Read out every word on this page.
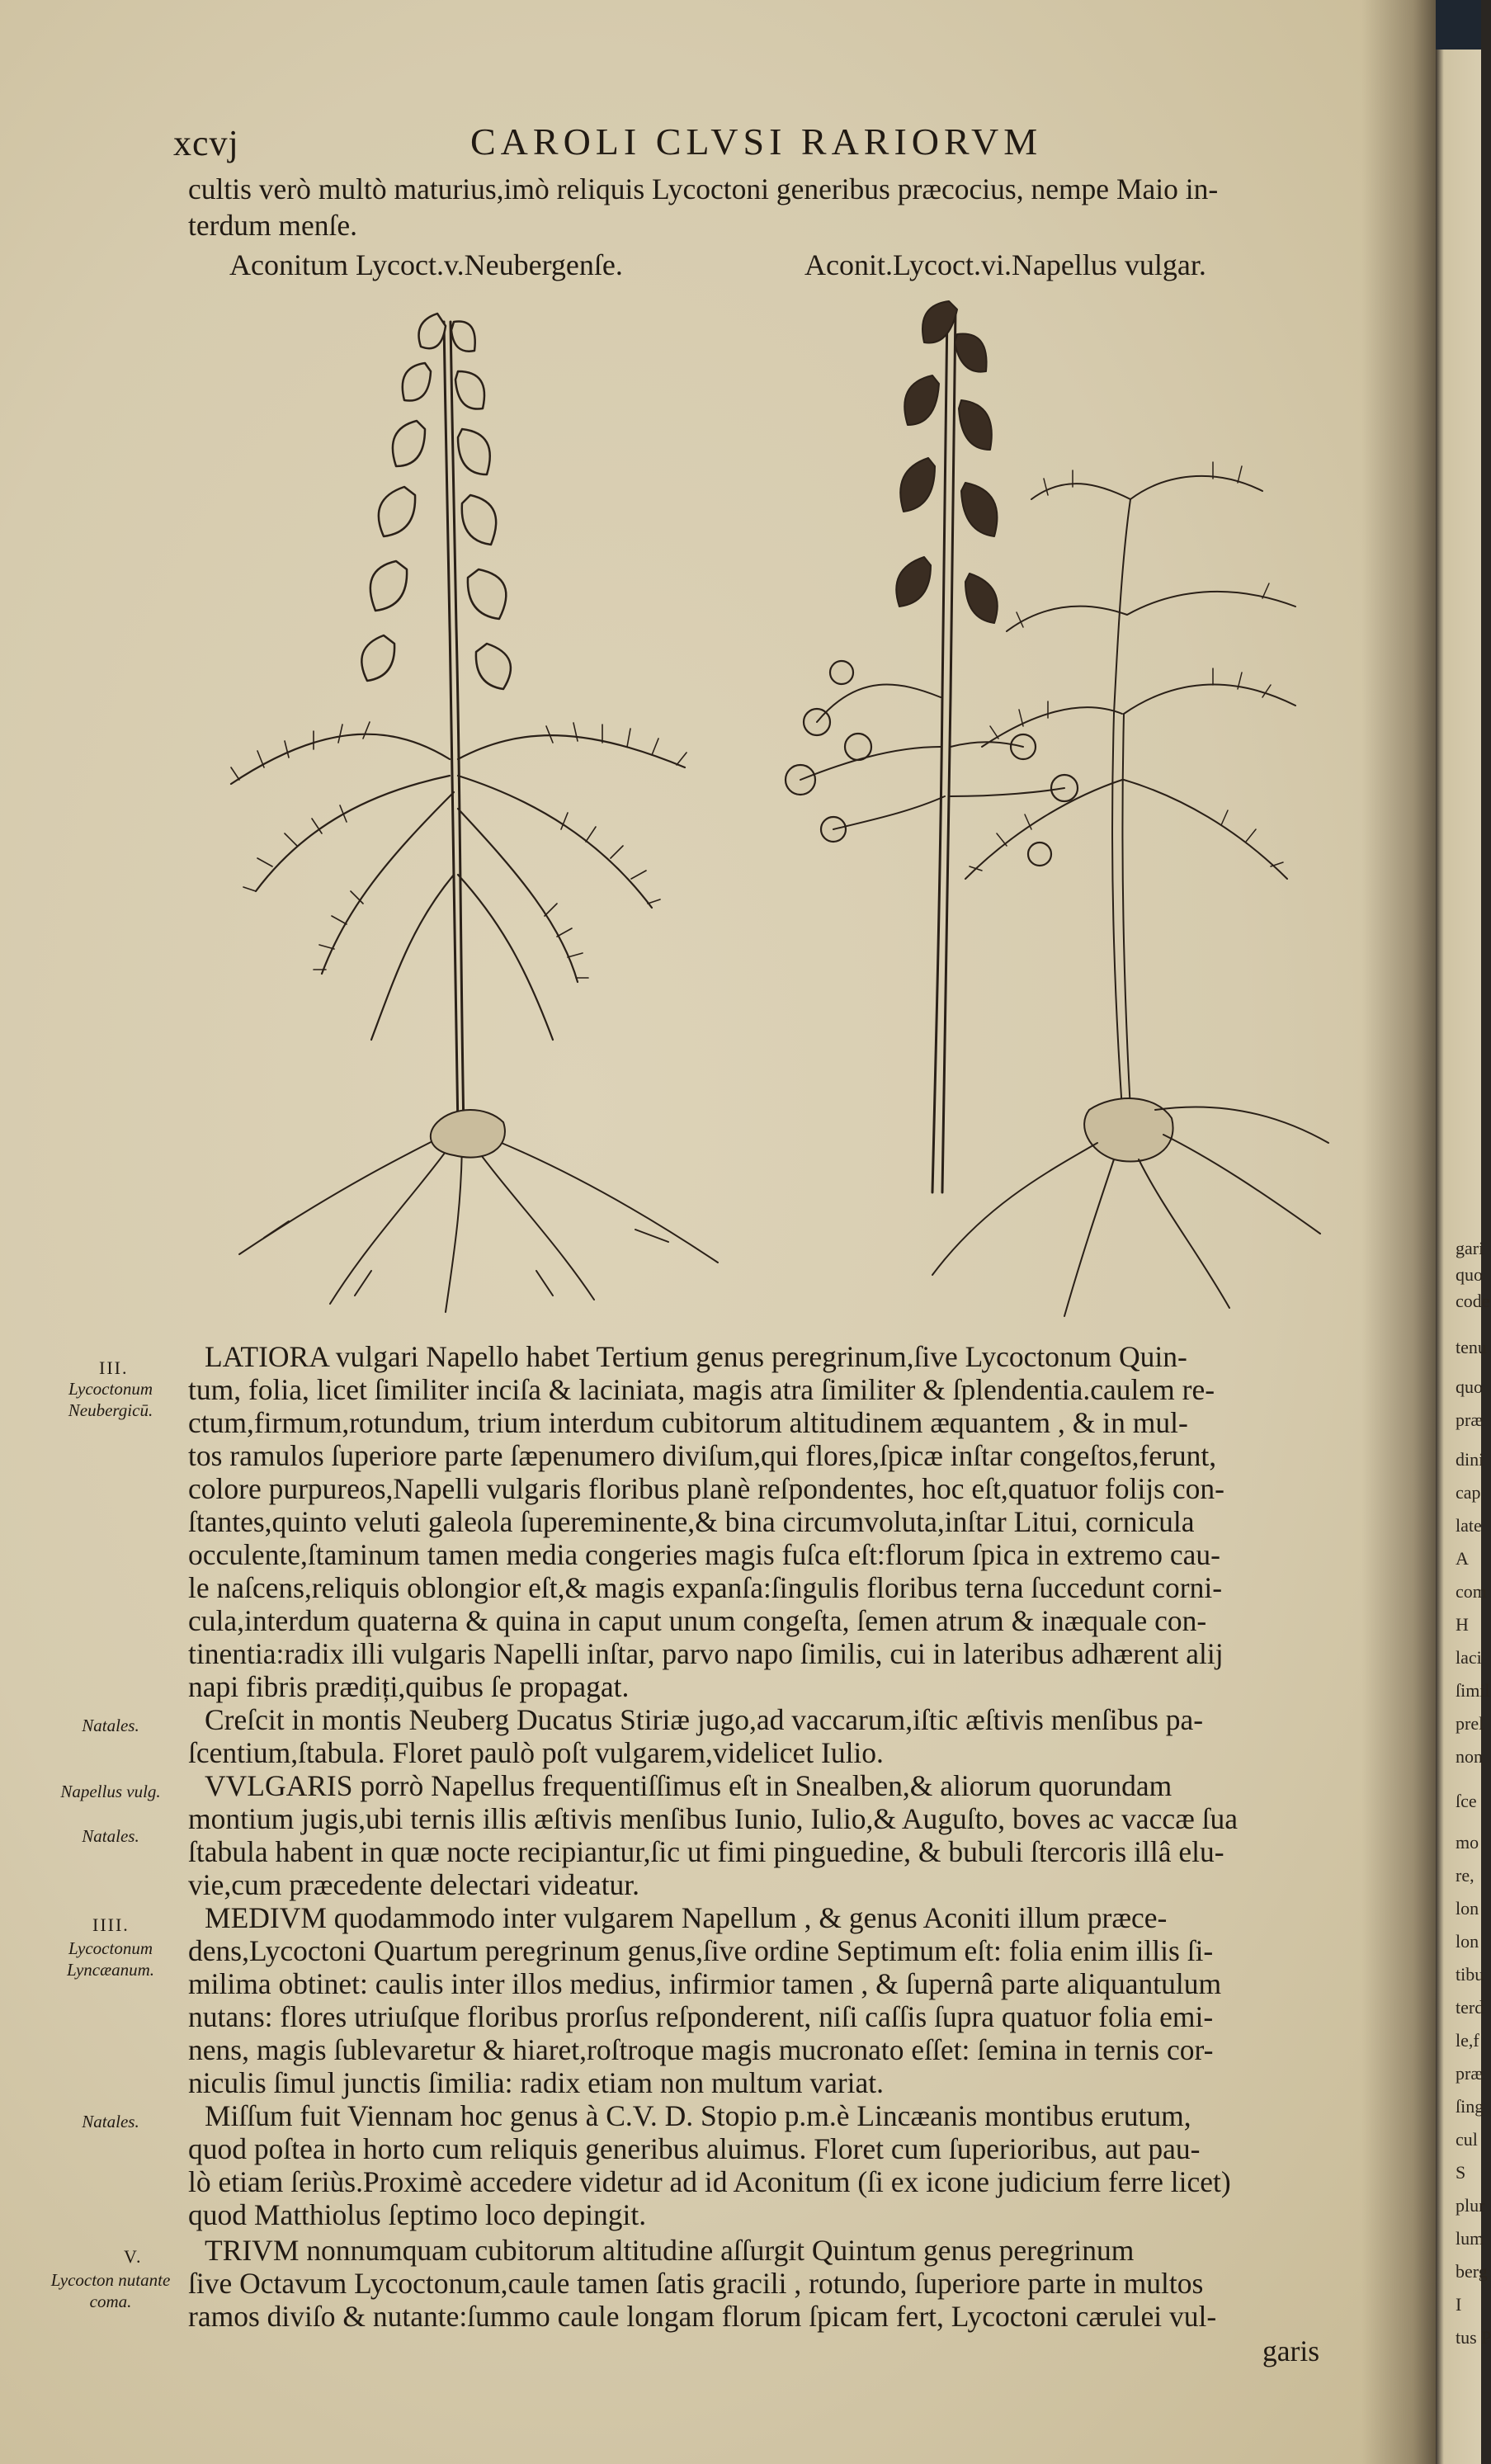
xcvj	CAROLI CLVSI RARIORVM
cultis verò multò maturius,imò reliquis Lycoctoni generibus præcocius, nempe Maio in-
terdum menſe.
Aconitum Lycoct.v.Neubergenſe.	Aconit.Lycoct.vi.Napellus vulgar.
LATIORA vulgari Napello habet Tertium genus peregrinum,ſive Lycoctonum Quin-
tum, folia, licet ſimiliter inciſa & laciniata, magis atra ſimiliter & ſplendentia.caulem re-
ctum,firmum,rotundum, trium interdum cubitorum altitudinem æquantem , & in mul-
tos ramulos ſuperiore parte ſæpenumero diviſum,qui flores,ſpicæ inſtar congeſtos,ferunt,
colore purpureos,Napelli vulgaris floribus planè reſpondentes, hoc eſt,quatuor folijs con-
ſtantes,quinto veluti galeola ſupereminente,& bina circumvoluta,inſtar Litui, cornicula
occulente,ſtaminum tamen media congeries magis fuſca eſt:florum ſpica in extremo cau-
le naſcens,reliquis oblongior eſt,& magis expanſa:ſingulis floribus terna ſuccedunt corni-
cula,interdum quaterna & quina in caput unum congeſta, ſemen atrum & inæquale con-
tinentia:radix illi vulgaris Napelli inſtar, parvo napo ſimilis, cui in lateribus adhærent alij
napi fibris prædiți,quibus ſe propagat.
Creſcit in montis Neuberg Ducatus Stiriæ jugo,ad vaccarum,iſtic æſtivis menſibus pa-
ſcentium,ſtabula. Floret paulò poſt vulgarem,videlicet Iulio.
VVLGARIS porrò Napellus frequentiſſimus eſt in Snealben,& aliorum quorundam
montium jugis,ubi ternis illis æſtivis menſibus Iunio, Iulio,& Auguſto, boves ac vaccæ ſua
ſtabula habent in quæ nocte recipiantur,ſic ut fimi pinguedine, & bubuli ſtercoris illâ elu-
vie,cum præcedente delectari videatur.
MEDIVM quodammodo inter vulgarem Napellum , & genus Aconiti illum præce-
dens,Lycoctoni Quartum peregrinum genus,ſive ordine Septimum eſt: folia enim illis ſi-
milima obtinet: caulis inter illos medius, infirmior tamen , & ſupernâ parte aliquantulum
nutans: flores utriuſque floribus prorſus reſponderent, niſi caſſis ſupra quatuor folia emi-
nens, magis ſublevaretur & hiaret,roſtroque magis mucronato eſſet: ſemina in ternis cor-
niculis ſimul junctis ſimilia: radix etiam non multum variat.
Miſſum fuit Viennam hoc genus à C.V. D. Stopio p.m.è Lincæanis montibus erutum,
quod poſtea in horto cum reliquis generibus aluimus. Floret cum ſuperioribus, aut pau-
lò etiam ſeriùs.Proximè accedere videtur ad id Aconitum (ſi ex icone judicium ferre licet)
quod Matthiolus ſeptimo loco depingit.
TRIVM nonnumquam cubitorum altitudine aſſurgit Quintum genus peregrinum
ſive Octavum Lycoctonum,caule tamen ſatis gracili , rotundo, ſuperiore parte in multos
ramos diviſo & nutante:ſummo caule longam florum ſpicam fert, Lycoctoni cærulei vul-
garis
III.
Lycoctonum Neubergicū.
Natales.
Napellus vulg.
Natales.
IIII.
Lycoctonum Lyncæanum.
Natales.
V.
Lycocton nutante coma.
gari
quo
code
tenu
quo
præ
dini
cap
late
A
com
H
laci
ſimil
prel
non
ſce
mo
re,
lon
lon
tibu
terd
le,f
præ
ſing
cul
S
plur
lum
berg
I
tus P
